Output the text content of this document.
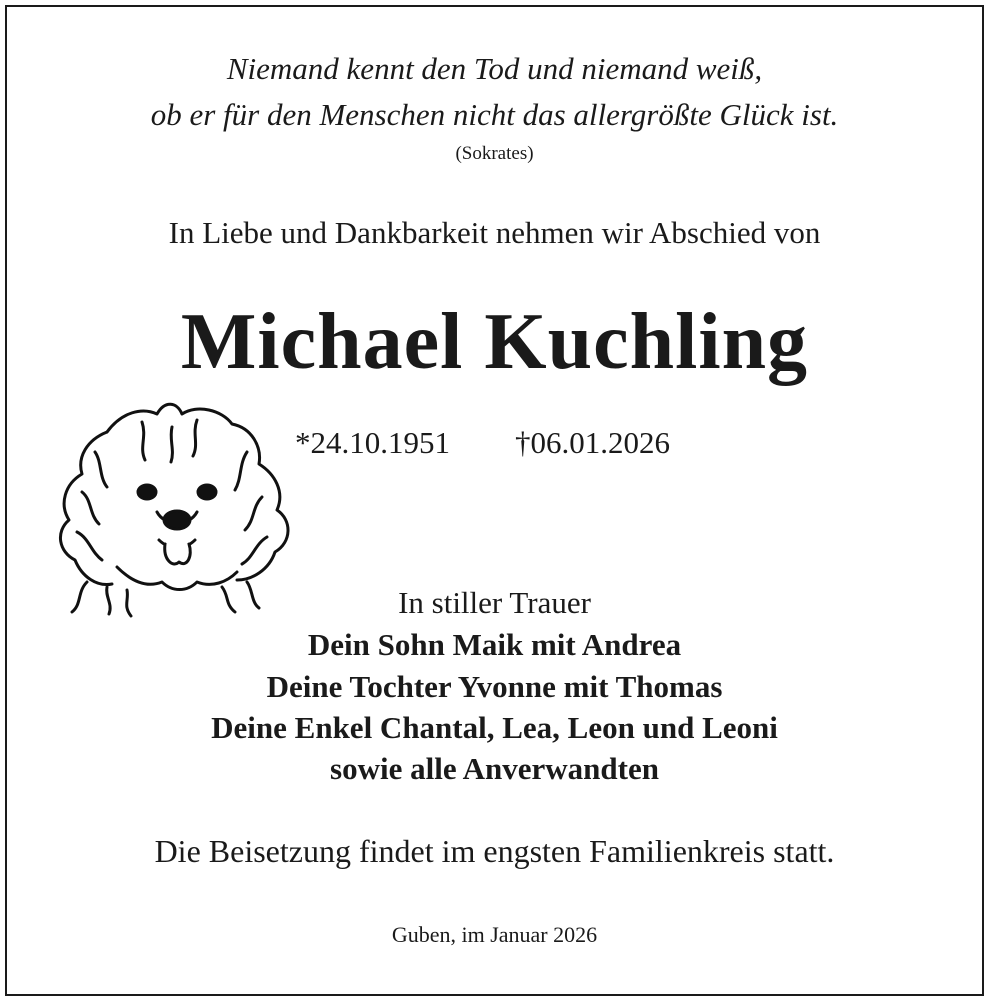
Niemand kennt den Tod und niemand weiß,
ob er für den Menschen nicht das allergrößte Glück ist.
(Sokrates)
In Liebe und Dankbarkeit nehmen wir Abschied von
Michael Kuchling
*24.10.1951 †06.01.2026
In stiller Trauer
Dein Sohn Maik mit Andrea
Deine Tochter Yvonne mit Thomas
Deine Enkel Chantal, Lea, Leon und Leoni
sowie alle Anverwandten
Die Beisetzung findet im engsten Familienkreis statt.
Guben, im Januar 2026
